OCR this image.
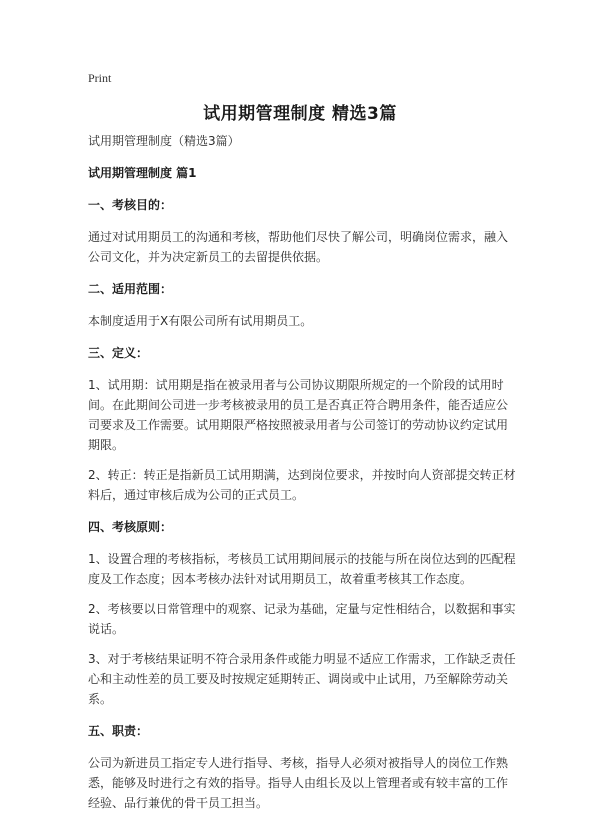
Print
试用期管理制度 精选3篇

试用期管理制度（精选3篇）

试用期管理制度 篇1

一、考核目的：

通过对试用期员工的沟通和考核，帮助他们尽快了解公司，明确岗位需求，融入公司文化，并为决定新员工的去留提供依据。

二、适用范围：

本制度适用于X有限公司所有试用期员工。

三、定义：

1、试用期：试用期是指在被录用者与公司协议期限所规定的一个阶段的试用时间。在此期间公司进一步考核被录用的员工是否真正符合聘用条件，能否适应公司要求及工作需要。试用期限严格按照被录用者与公司签订的劳动协议约定试用期限。

2、转正：转正是指新员工试用期满，达到岗位要求，并按时向人资部提交转正材料后，通过审核后成为公司的正式员工。

四、考核原则：

1、设置合理的考核指标，考核员工试用期间展示的技能与所在岗位达到的匹配程度及工作态度；因本考核办法针对试用期员工，故着重考核其工作态度。

2、考核要以日常管理中的观察、记录为基础，定量与定性相结合，以数据和事实说话。

3、对于考核结果证明不符合录用条件或能力明显不适应工作需求，工作缺乏责任心和主动性差的员工要及时按规定延期转正、调岗或中止试用，乃至解除劳动关系。

五、职责：

公司为新进员工指定专人进行指导、考核，指导人必须对被指导人的岗位工作熟悉，能够及时进行之有效的指导。指导人由组长及以上管理者或有较丰富的工作经验、品行兼优的骨干员工担当。
